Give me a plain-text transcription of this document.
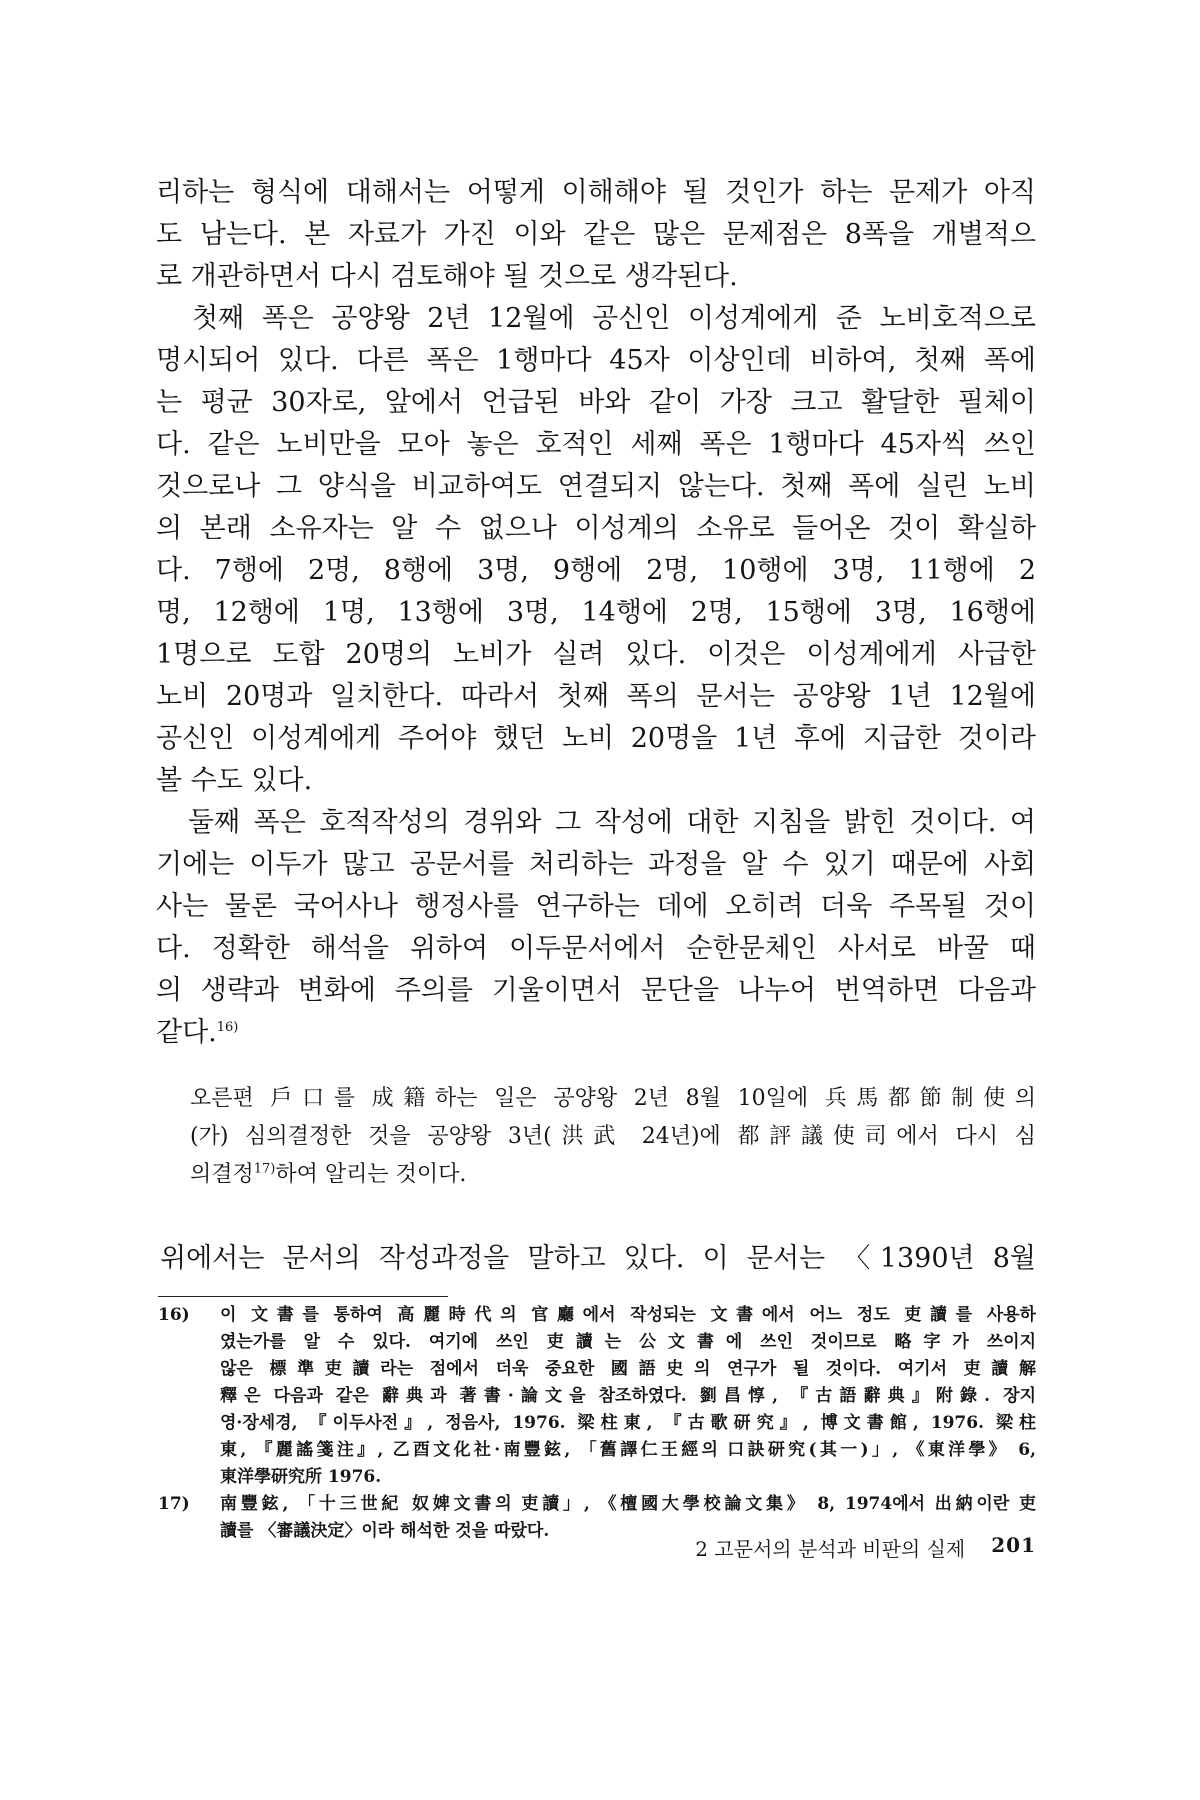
리하는 형식에 대해서는 어떻게 이해해야 될 것인가 하는 문제가 아직
도 남는다. 본 자료가 가진 이와 같은 많은 문제점은 8폭을 개별적으
로 개관하면서 다시 검토해야 될 것으로 생각된다.
　첫째 폭은 공양왕 2년 12월에 공신인 이성계에게 준 노비호적으로
명시되어 있다. 다른 폭은 1행마다 45자 이상인데 비하여, 첫째 폭에
는 평균 30자로, 앞에서 언급된 바와 같이 가장 크고 활달한 필체이
다. 같은 노비만을 모아 놓은 호적인 세째 폭은 1행마다 45자씩 쓰인
것으로나 그 양식을 비교하여도 연결되지 않는다. 첫째 폭에 실린 노비
의 본래 소유자는 알 수 없으나 이성계의 소유로 들어온 것이 확실하
다. 7행에 2명, 8행에 3명, 9행에 2명, 10행에 3명, 11행에 2
명, 12행에 1명, 13행에 3명, 14행에 2명, 15행에 3명, 16행에
1명으로 도합 20명의 노비가 실려 있다. 이것은 이성계에게 사급한
노비 20명과 일치한다. 따라서 첫째 폭의 문서는 공양왕 1년 12월에
공신인 이성계에게 주어야 했던 노비 20명을 1년 후에 지급한 것이라
볼 수도 있다.
　둘째 폭은 호적작성의 경위와 그 작성에 대한 지침을 밝힌 것이다. 여
기에는 이두가 많고 공문서를 처리하는 과정을 알 수 있기 때문에 사회
사는 물론 국어사나 행정사를 연구하는 데에 오히려 더욱 주목될 것이
다. 정확한 해석을 위하여 이두문서에서 순한문체인 사서로 바꿀 때
의 생략과 변화에 주의를 기울이면서 문단을 나누어 번역하면 다음과
같다.$^{16)}$
오른편 戶口를 成籍하는 일은 공양왕 2년 8월 10일에 兵馬都節制使의
(가) 심의결정한 것을 공양왕 3년(洪武 24년)에 都評議使司에서 다시 심
의결정$^{17)}$하여 알리는 것이다.
위에서는 문서의 작성과정을 말하고 있다. 이 문서는 〈1390년 8월
16)	이 文書를 통하여 高麗時代의 官廳에서 작성되는 文書에서 어느 정도 吏讀를 사용하
였는가를 알 수 있다. 여기에 쓰인 吏讀는 公文書에 쓰인 것이므로 略字가 쓰이지
않은 標準吏讀라는 점에서 더욱 중요한 國語史의 연구가 될 것이다. 여기서 吏讀解
釋은 다음과 같은 辭典과 著書·論文을 참조하였다. 劉昌惇, 『古語辭典』附錄. 장지
영·장세경, 『이두사전』, 정음사, 1976. 梁柱東, 『古歌研究』, 博文書館, 1976. 梁柱
東, 『麗謠箋注』, 乙酉文化社·南豐鉉, 「舊譯仁王經의 口訣研究(其一)」, 《東洋學》 6,
東洋學研究所 1976.
17)	南豐鉉, 「十三世紀 奴婢文書의 吏讀」, 《檀國大學校論文集》 8, 1974에서 出納이란 吏
讀를 〈審議決定〉이라 해석한 것을 따랐다.
2 고문서의 분석과 비판의 실제 201
